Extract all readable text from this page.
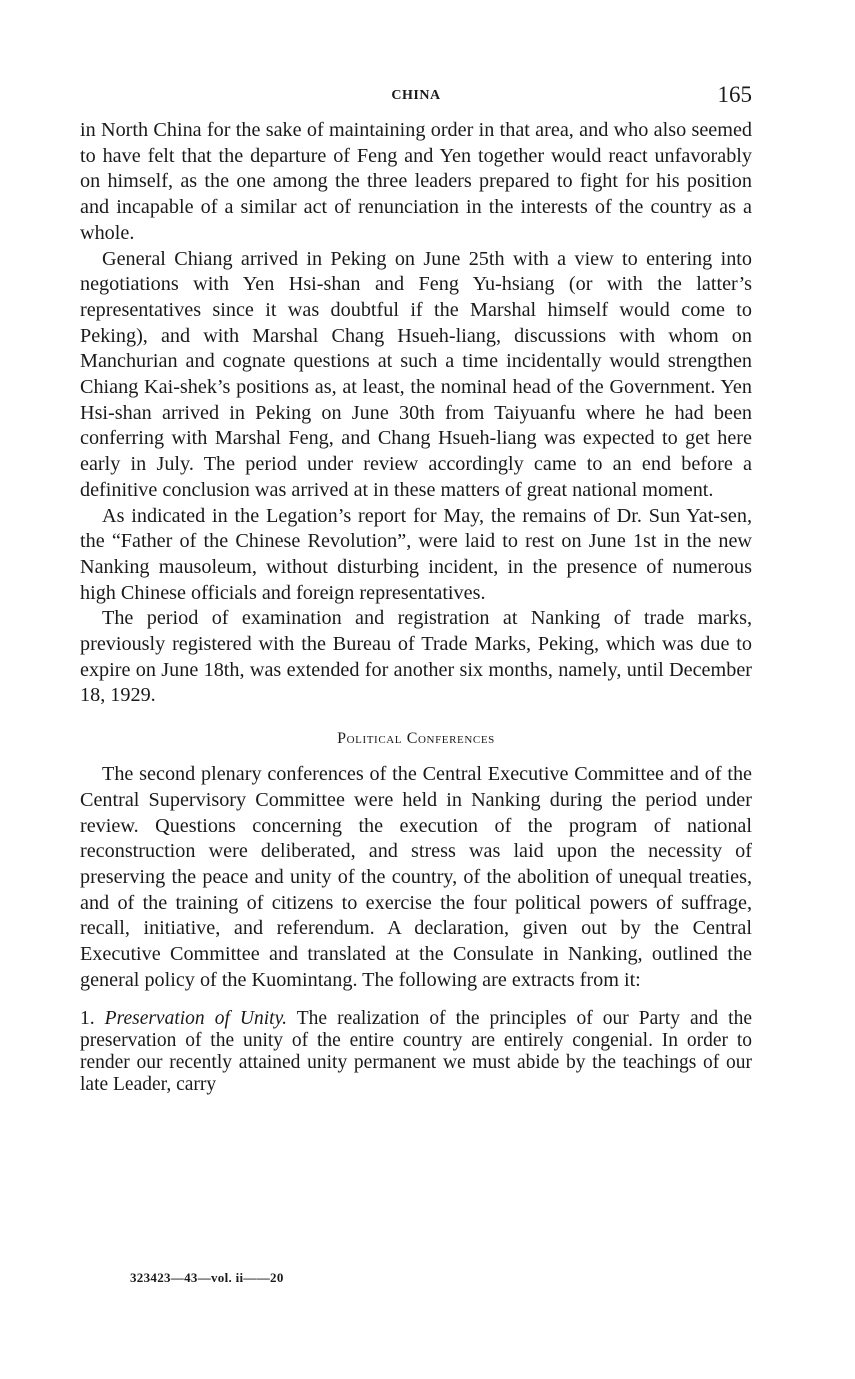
CHINA	165

in North China for the sake of maintaining order in that area, and who also seemed to have felt that the departure of Feng and Yen together would react unfavorably on himself, as the one among the three leaders prepared to fight for his position and incapable of a similar act of renunciation in the interests of the country as a whole.

General Chiang arrived in Peking on June 25th with a view to entering into negotiations with Yen Hsi-shan and Feng Yu-hsiang (or with the latter’s representatives since it was doubtful if the Marshal himself would come to Peking), and with Marshal Chang Hsueh-liang, discussions with whom on Manchurian and cognate questions at such a time incidentally would strengthen Chiang Kai-shek’s positions as, at least, the nominal head of the Government. Yen Hsi-shan arrived in Peking on June 30th from Taiyuanfu where he had been conferring with Marshal Feng, and Chang Hsueh-liang was expected to get here early in July. The period under review accordingly came to an end before a definitive conclusion was arrived at in these matters of great national moment.

As indicated in the Legation’s report for May, the remains of Dr. Sun Yat-sen, the “Father of the Chinese Revolution”, were laid to rest on June 1st in the new Nanking mausoleum, without disturbing incident, in the presence of numerous high Chinese officials and foreign representatives.

The period of examination and registration at Nanking of trade marks, previously registered with the Bureau of Trade Marks, Peking, which was due to expire on June 18th, was extended for another six months, namely, until December 18, 1929.

Political Conferences

The second plenary conferences of the Central Executive Committee and of the Central Supervisory Committee were held in Nanking during the period under review. Questions concerning the execution of the program of national reconstruction were deliberated, and stress was laid upon the necessity of preserving the peace and unity of the country, of the abolition of unequal treaties, and of the training of citizens to exercise the four political powers of suffrage, recall, initiative, and referendum. A declaration, given out by the Central Executive Committee and translated at the Consulate in Nanking, outlined the general policy of the Kuomintang. The following are extracts from it:

1. Preservation of Unity. The realization of the principles of our Party and the preservation of the unity of the entire country are entirely congenial. In order to render our recently attained unity permanent we must abide by the teachings of our late Leader, carry

323423—43—vol. ii——20
